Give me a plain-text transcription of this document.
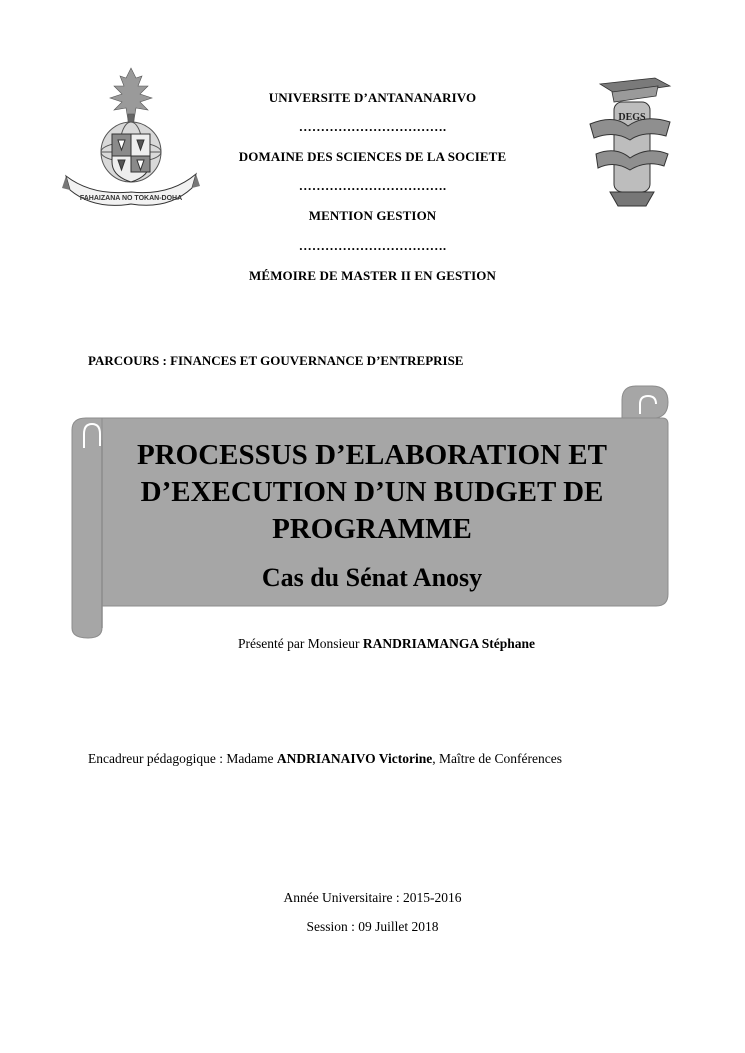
FAHAIZANA NO TOKAN-DOHA
DEGS
UNIVERSITE D’ANTANANARIVO
…………………………….
DOMAINE DES SCIENCES DE LA SOCIETE
…………………………….
MENTION GESTION
…………………………….
MÉMOIRE DE MASTER II EN GESTION
PARCOURS : FINANCES ET GOUVERNANCE D’ENTREPRISE
PROCESSUS D’ELABORATION ET
D’EXECUTION D’UN BUDGET DE
PROGRAMME
Cas du Sénat Anosy
Présenté par Monsieur RANDRIAMANGA Stéphane
Encadreur pédagogique : Madame ANDRIANAIVO Victorine, Maître de Conférences
Année Universitaire : 2015-2016
Session : 09 Juillet 2018
